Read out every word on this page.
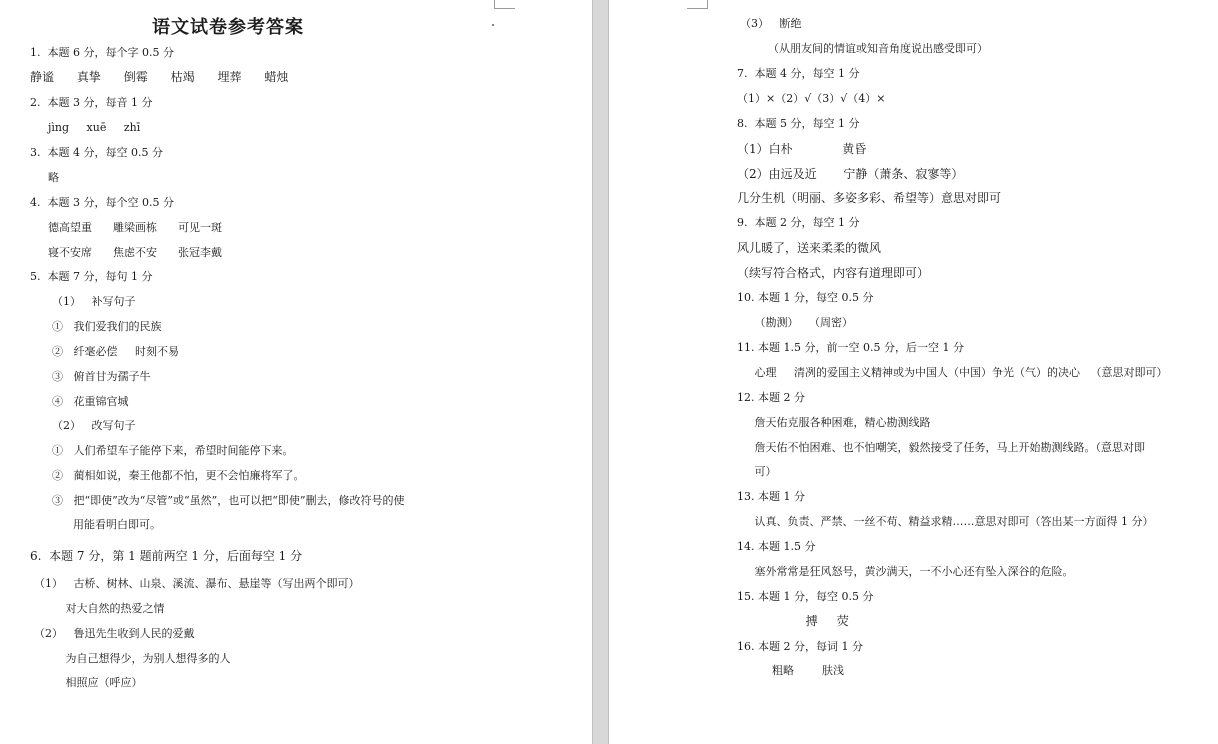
语文试卷参考答案
1.  本题 6 分，每个字 0.5 分
静谧      真挚      倒霉      枯竭      埋葬      蜡烛
2.  本题 3 分，每音 1 分
jìng     xuē     zhī
3.  本题 4 分，每空 0.5 分
略
4.  本题 3 分，每个空 0.5 分
德高望重      雕梁画栋      可见一斑
寝不安席      焦虑不安      张冠李戴
5.  本题 7 分，每句 1 分
（1）   补写句子
①   我们爱我们的民族
②   纤毫必偿     时刻不易
③   俯首甘为孺子牛
④   花重锦官城
（2）   改写句子
①   人们希望车子能停下来，希望时间能停下来。
②   蔺相如说，秦王他都不怕，更不会怕廉将军了。
③   把“即使”改为“尽管”或“虽然”，也可以把“即使”删去，修改符号的使
用能看明白即可。
6.  本题 7 分，第 1 题前两空 1 分，后面每空 1 分
（1）   古桥、树林、山泉、溪流、瀑布、悬崖等（写出两个即可）
对大自然的热爱之情
（2）   鲁迅先生收到人民的爱戴
为自己想得少，为别人想得多的人
相照应（呼应）
（3）   断绝
（从朋友间的情谊或知音角度说出感受即可）
7.  本题 4 分，每空 1 分
（1）×（2）√（3）√（4）×
8.  本题 5 分，每空 1 分
（1）白朴             黄昏
（2）由远及近       宁静（萧条、寂寥等）
几分生机（明丽、多姿多彩、希望等）意思对即可
9.  本题 2 分，每空 1 分
风儿暖了，送来柔柔的微风
（续写符合格式，内容有道理即可）
10. 本题 1 分，每空 0.5 分
（勘测）   （周密）
11. 本题 1.5 分，前一空 0.5 分，后一空 1 分
心理     清冽的爱国主义精神或为中国人（中国）争光（气）的决心   （意思对即可）
12. 本题 2 分
詹天佑克服各种困难，精心勘测线路
詹天佑不怕困难、也不怕嘲笑，毅然接受了任务，马上开始勘测线路。（意思对即
可）
13. 本题 1 分
认真、负责、严禁、一丝不苟、精益求精……意思对即可（答出某一方面得 1 分）
14. 本题 1.5 分
塞外常常是狂风怒号，黄沙满天，一不小心还有坠入深谷的危险。
15. 本题 1 分，每空 0.5 分
搏     荧
16. 本题 2 分，每词 1 分
粗略        肤浅
